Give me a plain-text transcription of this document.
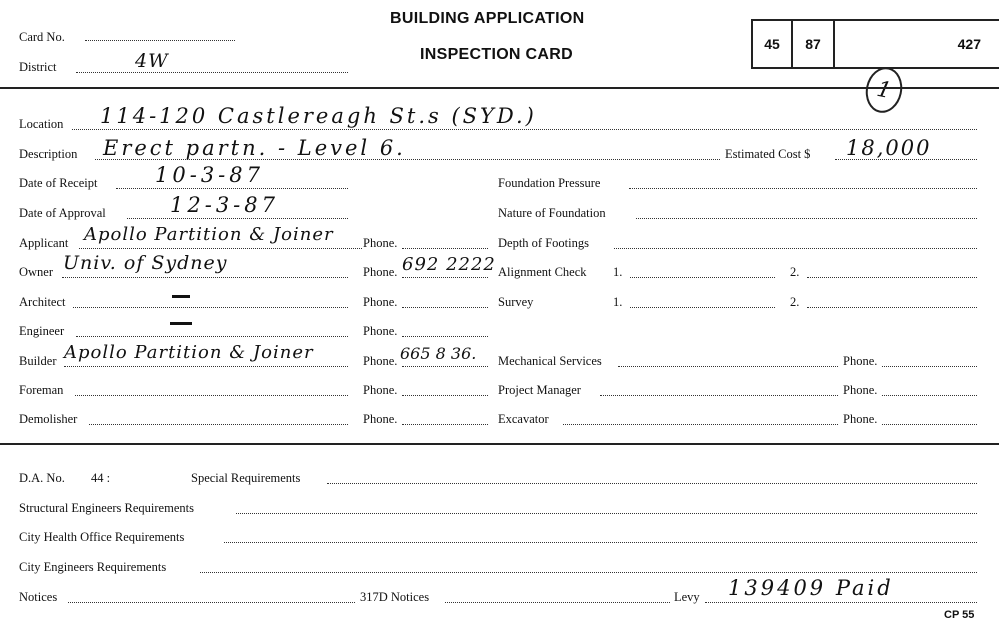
Card No.
District	4W
BUILDING APPLICATION
INSPECTION CARD
45	87	427
1
Location 114-120 Castlereagh St.s (SYD.)
Description Erect partn. - Level 6.	Estimated Cost $ 18,000
Date of Receipt	10-3-87
Date of Approval	12-3-87
Applicant Apollo Partition & Joiner Phone.
Owner Univ. of Sydney	Phone. 692 2222
Architect	Phone.
Engineer	Phone.
Builder Apollo Partition & Joiner	Phone. 665 8 36.
Foreman	Phone.
Demolisher	Phone.
Foundation Pressure
Nature of Foundation
Depth of Footings
Alignment Check 1.	2.
Survey	1.	2.
Mechanical Services	Phone.
Project Manager	Phone.
Excavator	Phone.
D.A. No. 44 :	Special Requirements
Structural Engineers Requirements
City Health Office Requirements
City Engineers Requirements
Notices	317D Notices	Levy 139409 Paid
CP 55
